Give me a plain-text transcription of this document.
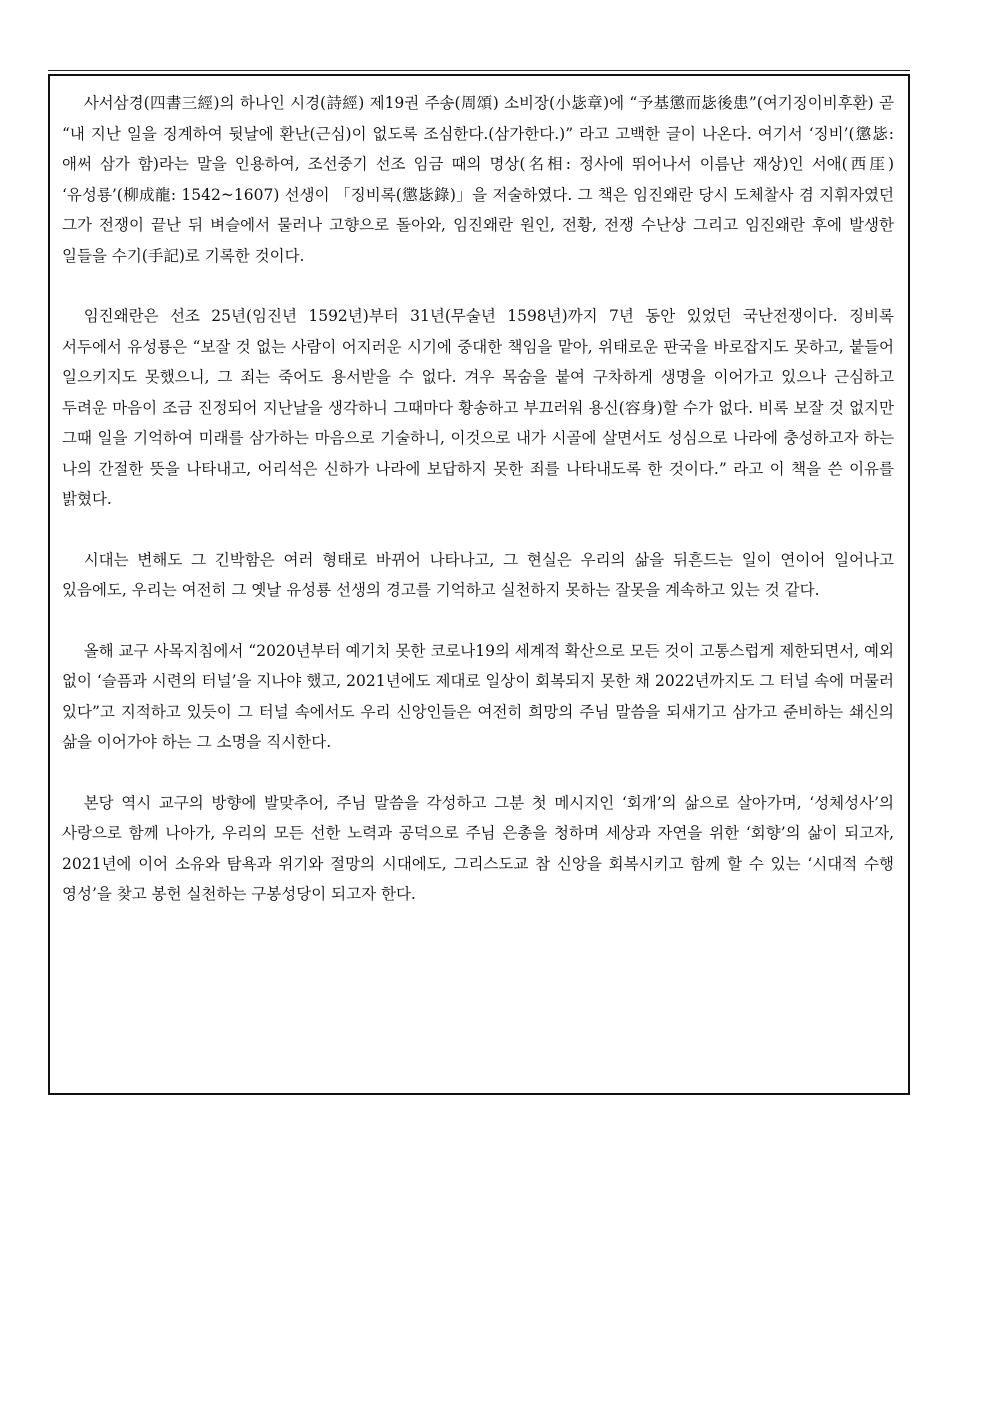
사서삼경(四書三經)의 하나인 시경(詩經) 제19권 주송(周頌) 소비장(小毖章)에 “予基懲而毖後患”(여기징이비후환) 곧 “내 지난 일을 징계하여 뒷날에 환난(근심)이 없도록 조심한다.(삼가한다.)” 라고 고백한 글이 나온다. 여기서 ‘징비’(懲毖: 애써 삼가 함)라는 말을 인용하여, 조선중기 선조 임금 때의 명상(名相: 정사에 뛰어나서 이름난 재상)인 서애(西厓) ‘유성룡’(柳成龍: 1542~1607) 선생이 「징비록(懲毖錄)」을 저술하였다. 그 책은 임진왜란 당시 도체찰사 겸 지휘자였던 그가 전쟁이 끝난 뒤 벼슬에서 물러나 고향으로 돌아와, 임진왜란 원인, 전황, 전쟁 수난상 그리고 임진왜란 후에 발생한 일들을 수기(手記)로 기록한 것이다.

임진왜란은 선조 25년(임진년 1592년)부터 31년(무술년 1598년)까지 7년 동안 있었던 국난전쟁이다. 징비록 서두에서 유성룡은 “보잘 것 없는 사람이 어지러운 시기에 중대한 책임을 맡아, 위태로운 판국을 바로잡지도 못하고, 붙들어 일으키지도 못했으니, 그 죄는 죽어도 용서받을 수 없다. 겨우 목숨을 붙여 구차하게 생명을 이어가고 있으나 근심하고 두려운 마음이 조금 진정되어 지난날을 생각하니 그때마다 황송하고 부끄러워 용신(容身)할 수가 없다. 비록 보잘 것 없지만 그때 일을 기억하여 미래를 삼가하는 마음으로 기술하니, 이것으로 내가 시골에 살면서도 성심으로 나라에 충성하고자 하는 나의 간절한 뜻을 나타내고, 어리석은 신하가 나라에 보답하지 못한 죄를 나타내도록 한 것이다.” 라고 이 책을 쓴 이유를 밝혔다.

시대는 변해도 그 긴박함은 여러 형태로 바뀌어 나타나고, 그 현실은 우리의 삶을 뒤흔드는 일이 연이어 일어나고 있음에도, 우리는 여전히 그 옛날 유성룡 선생의 경고를 기억하고 실천하지 못하는 잘못을 계속하고 있는 것 같다.

올해 교구 사목지침에서 “2020년부터 예기치 못한 코로나19의 세계적 확산으로 모든 것이 고통스럽게 제한되면서, 예외 없이 ‘슬픔과 시련의 터널’을 지나야 했고, 2021년에도 제대로 일상이 회복되지 못한 채 2022년까지도 그 터널 속에 머물러 있다”고 지적하고 있듯이 그 터널 속에서도 우리 신앙인들은 여전히 희망의 주님 말씀을 되새기고 삼가고 준비하는 쇄신의 삶을 이어가야 하는 그 소명을 직시한다.

본당 역시 교구의 방향에 발맞추어, 주님 말씀을 각성하고 그분 첫 메시지인 ‘회개’의 삶으로 살아가며, ‘성체성사’의 사랑으로 함께 나아가, 우리의 모든 선한 노력과 공덕으로 주님 은총을 청하며 세상과 자연을 위한 ‘회향’의 삶이 되고자, 2021년에 이어 소유와 탐욕과 위기와 절망의 시대에도, 그리스도교 참 신앙을 회복시키고 함께 할 수 있는 ‘시대적 수행 영성’을 찾고 봉헌 실천하는 구봉성당이 되고자 한다.
